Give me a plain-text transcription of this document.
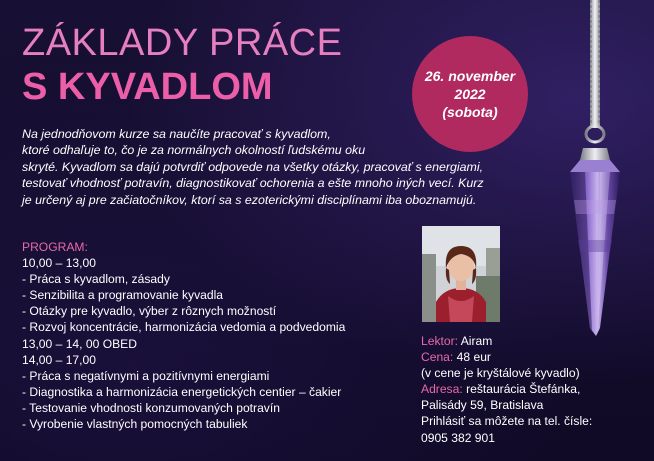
ZÁKLADY PRÁCE
S KYVADLOM	26. november
2022
(sobota)

Na jednodňovom kurze sa naučíte pracovať s kyvadlom,
ktoré odhaľuje to, čo je za normálnych okolností ľudskému oku
skryté. Kyvadlom sa dajú potvrdiť odpovede na všetky otázky, pracovať s energiami,
testovať vhodnosť potravín, diagnostikovať ochorenia a ešte mnoho iných vecí. Kurz
je určený aj pre začiatočníkov, ktorí sa s ezoterickými disciplínami iba oboznamujú.

PROGRAM:
10,00 – 13,00
- Práca s kyvadlom, zásady
- Senzibilita a programovanie kyvadla
- Otázky pre kyvadlo, výber z rôznych možností
- Rozvoj koncentrácie, harmonizácia vedomia a podvedomia
13,00 – 14, 00 OBED
14,00 – 17,00
- Práca s negatívnymi a pozitívnymi energiami
- Diagnostika a harmonizácia energetických centier – čakier
- Testovanie vhodnosti konzumovaných potravín
- Vyrobenie vlastných pomocných tabuliek
Lektor: Airam
Cena: 48 eur
(v cene je kryštálové kyvadlo)
Adresa: reštaurácia Štefánka,
Palisády 59, Bratislava
Prihlásiť sa môžete na tel. čísle:
0905 382 901
